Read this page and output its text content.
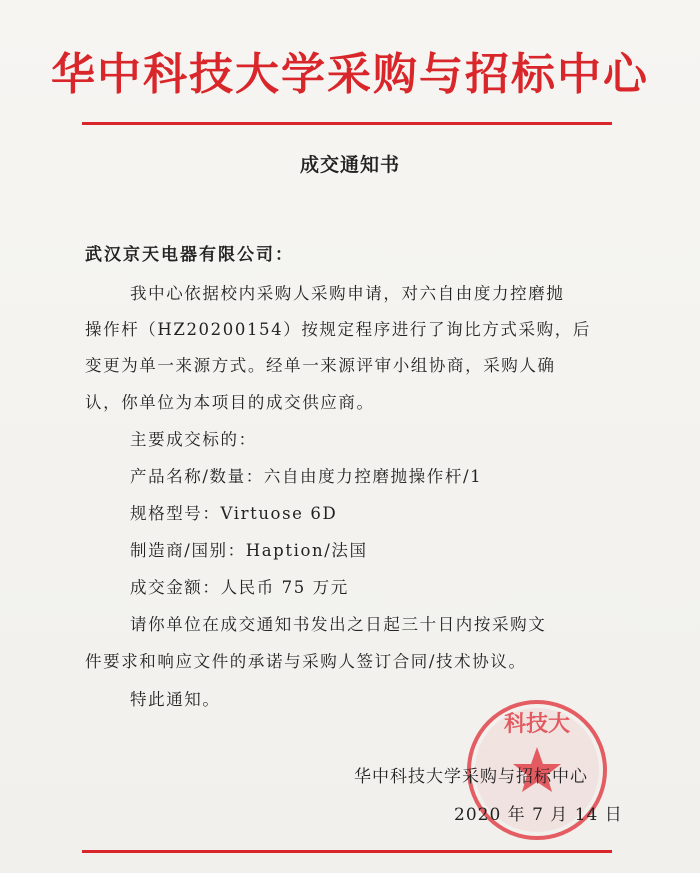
华中科技大学采购与招标中心
成交通知书
武汉京天电器有限公司：
我中心依据校内采购人采购申请，对六自由度力控磨抛
操作杆（HZ20200154）按规定程序进行了询比方式采购，后
变更为单一来源方式。经单一来源评审小组协商，采购人确
认，你单位为本项目的成交供应商。
主要成交标的：
产品名称/数量：六自由度力控磨抛操作杆/1
规格型号：Virtuose 6D
制造商/国别：Haption/法国
成交金额：人民币 75 万元
请你单位在成交通知书发出之日起三十日内按采购文
件要求和响应文件的承诺与采购人签订合同/技术协议。
特此通知。
科技大
华中科技大学采购与招标中心
2020 年 7 月 14 日
